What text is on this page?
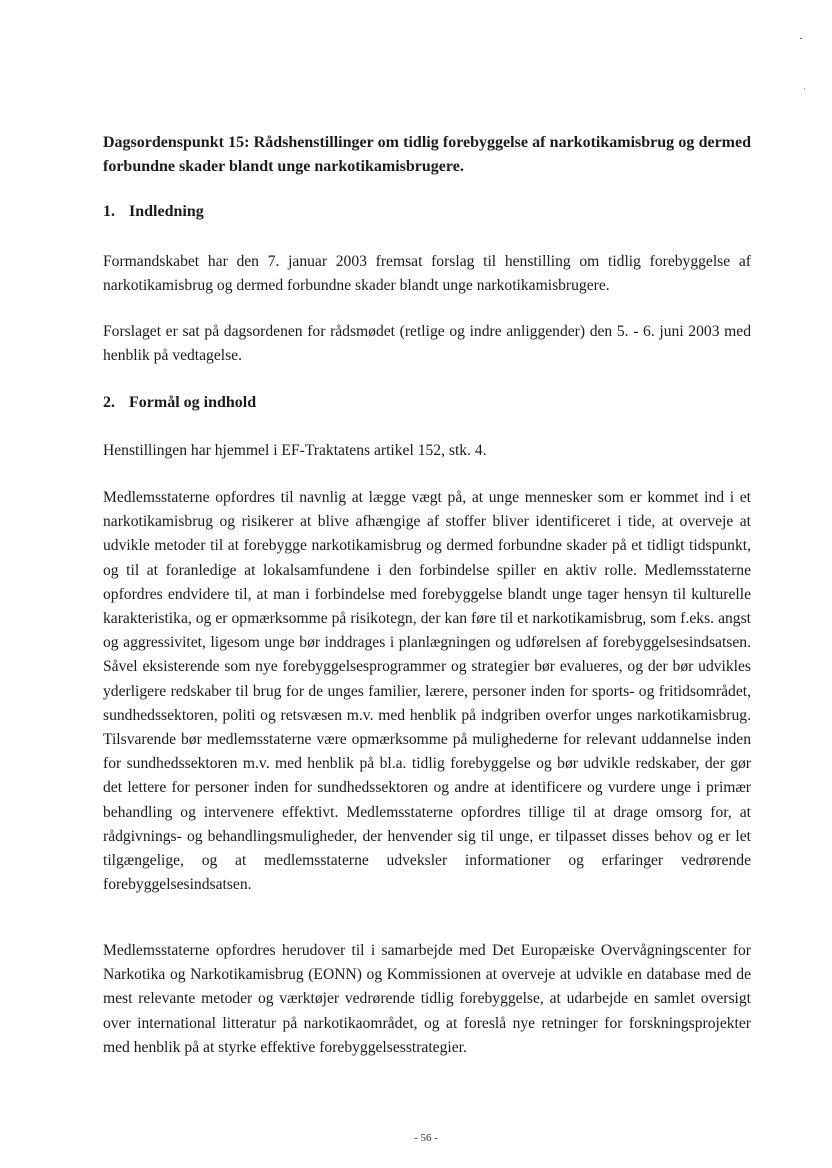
Dagsordenspunkt 15: Rådshenstillinger om tidlig forebyggelse af narkotikamisbrug og dermed forbundne skader blandt unge narkotikamisbrugere.
1. Indledning

Formandskabet har den 7. januar 2003 fremsat forslag til henstilling om tidlig forebyggelse af narkotikamisbrug og dermed forbundne skader blandt unge narkotikamisbrugere.

Forslaget er sat på dagsordenen for rådsmødet (retlige og indre anliggender) den 5. - 6. juni 2003 med henblik på vedtagelse.

2. Formål og indhold

Henstillingen har hjemmel i EF-Traktatens artikel 152, stk. 4.

Medlemsstaterne opfordres til navnlig at lægge vægt på, at unge mennesker som er kommet ind i et narkotikamisbrug og risikerer at blive afhængige af stoffer bliver identificeret i tide, at overveje at udvikle metoder til at forebygge narkotikamisbrug og dermed forbundne skader på et tidligt tidspunkt, og til at foranledige at lokalsamfundene i den forbindelse spiller en aktiv rolle. Medlemsstaterne opfordres endvidere til, at man i forbindelse med forebyggelse blandt unge tager hensyn til kulturelle karakteristika, og er opmærksomme på risikotegn, der kan føre til et narkotikamisbrug, som f.eks. angst og aggressivitet, ligesom unge bør inddrages i planlægningen og udførelsen af forebyggelsesindsatsen. Såvel eksisterende som nye forebyggelsesprogrammer og strategier bør evalueres, og der bør udvikles yderligere redskaber til brug for de unges familier, lærere, personer inden for sports- og fritidsområdet, sundhedssektoren, politi og retsvæsen m.v. med henblik på indgriben overfor unges narkotikamisbrug. Tilsvarende bør medlemsstaterne være opmærksomme på mulighederne for relevant uddannelse inden for sundhedssektoren m.v. med henblik på bl.a. tidlig forebyggelse og bør udvikle redskaber, der gør det lettere for personer inden for sundhedssektoren og andre at identificere og vurdere unge i primær behandling og intervenere effektivt. Medlemsstaterne opfordres tillige til at drage omsorg for, at rådgivnings- og behandlingsmuligheder, der henvender sig til unge, er tilpasset disses behov og er let tilgængelige, og at medlemsstaterne udveksler informationer og erfaringer vedrørende forebyggelsesindsatsen.

Medlemsstaterne opfordres herudover til i samarbejde med Det Europæiske Overvågningscenter for Narkotika og Narkotikamisbrug (EONN) og Kommissionen at overveje at udvikle en database med de mest relevante metoder og værktøjer vedrørende tidlig forebyggelse, at udarbejde en samlet oversigt over international litteratur på narkotikaområdet, og at foreslå nye retninger for forskningsprojekter med henblik på at styrke effektive forebyggelsesstrategier.

- 56 -
